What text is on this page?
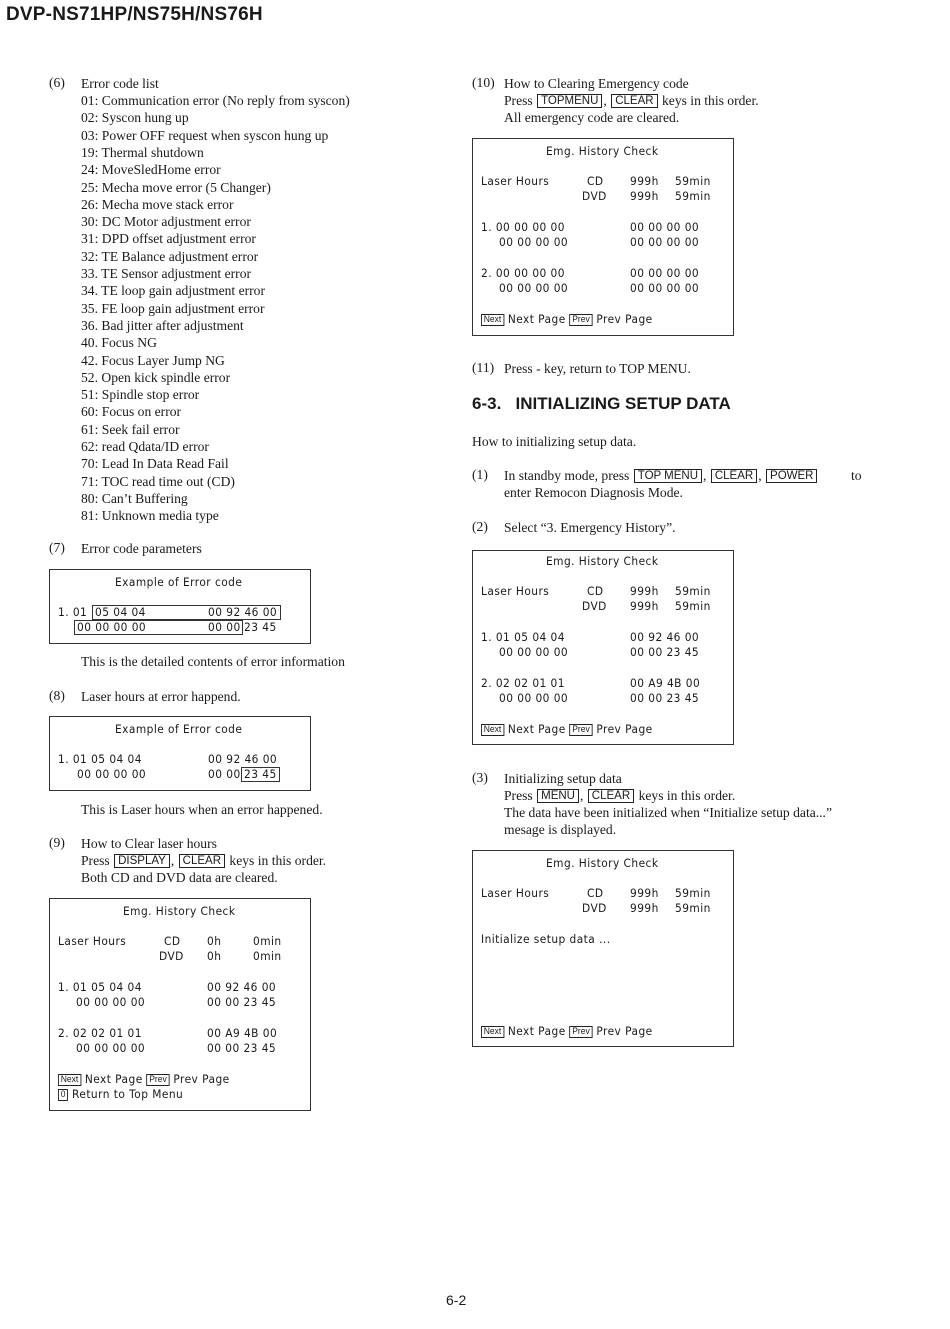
DVP-NS71HP/NS75H/NS76H
(6) Error code list
01: Communication error (No reply from syscon)
02: Syscon hung up
03: Power OFF request when syscon hung up
19: Thermal shutdown
24: MoveSledHome error
25: Mecha move error (5 Changer)
26: Mecha move stack error
30: DC Motor adjustment error
31: DPD offset adjustment error
32: TE Balance adjustment error
33. TE Sensor adjustment error
34. TE loop gain adjustment error
35. FE loop gain adjustment error
36. Bad jitter after adjustment
40. Focus NG
42. Focus Layer Jump NG
52. Open kick spindle error
51: Spindle stop error
60: Focus on error
61: Seek fail error
62: read Qdata/ID error
70: Lead In Data Read Fail
71: TOC read time out (CD)
80: Can’t Buffering
81: Unknown media type
(7) Error code parameters
Example of Error code
1. 01 05 04 04	00 92 46 00
00 00 00 00	00 00 23 45
This is the detailed contents of error information
(8) Laser hours at error happend.
Example of Error code
1. 01 05 04 04	00 92 46 00
00 00 00 00	00 00 23 45
This is Laser hours when an error happened.
(9) How to Clear laser hours
Press DISPLAY , CLEAR keys in this order.
Both CD and DVD data are cleared.
Emg. History Check
Laser Hours	CD 0h	0min
DVD 0h	0min
1. 01 05 04 04	00 92 46 00
00 00 00 00	00 00 23 45
2. 02 02 01 01	00 A9 4B 00
00 00 00 00	00 00 23 45
Next Next Page Prev Prev Page
0 Return to Top Menu
(10) How to Clearing Emergency code
Press TOPMENU , CLEAR keys in this order.
All emergency code are cleared.
Emg. History Check
Laser Hours	CD 999h 59min
DVD 999h 59min
1. 00 00 00 00	00 00 00 00
00 00 00 00	00 00 00 00
2. 00 00 00 00	00 00 00 00
00 00 00 00	00 00 00 00
Next Next Page Prev Prev Page
(11) Press - key, return to TOP MENU.
6-3. INITIALIZING SETUP DATA
How to initializing setup data.
(1) In standby mode, press TOP MENU , CLEAR , POWER	to
enter Remocon Diagnosis Mode.
(2) Select “3. Emergency History”.
Emg. History Check
Laser Hours	CD 999h 59min
DVD 999h 59min
1. 01 05 04 04	00 92 46 00
00 00 00 00	00 00 23 45
2. 02 02 01 01	00 A9 4B 00
00 00 00 00	00 00 23 45
Next Next Page Prev Prev Page
(3) Initializing setup data
Press MENU , CLEAR keys in this order.
The data have been initialized when “Initialize setup data...”
mesage is displayed.
Emg. History Check
Laser Hours	CD 999h 59min
DVD 999h 59min
Initialize setup data ...
Next Next Page Prev Prev Page
6-2
